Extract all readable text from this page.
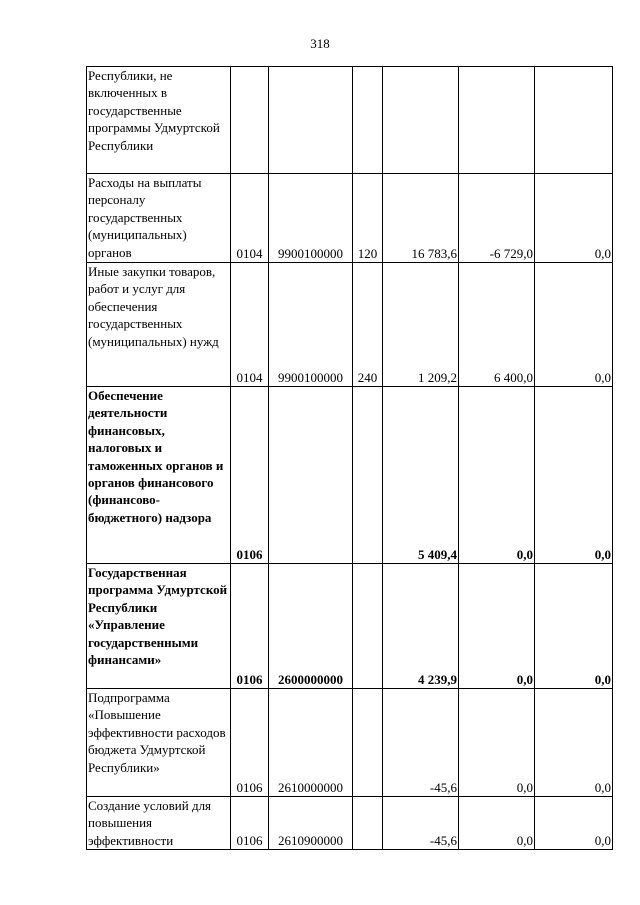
318
Республики, не включенных в государственные программы Удмуртской Республики						
Расходы на выплаты персоналу государственных (муниципальных) органов	0104	9900100000	120	16 783,6	-6 729,0	0,0
Иные закупки товаров, работ и услуг для обеспечения государственных (муниципальных) нужд	0104	9900100000	240	1 209,2	6 400,0	0,0
Обеспечение деятельности финансовых, налоговых и таможенных органов и органов финансового (финансово-бюджетного) надзора	0106			5 409,4	0,0	0,0
Государственная программа Удмуртской Республики «Управление государственными финансами»	0106	2600000000		4 239,9	0,0	0,0
Подпрограмма «Повышение эффективности расходов бюджета Удмуртской Республики»	0106	2610000000		-45,6	0,0	0,0
Создание условий для повышения эффективности	0106	2610900000		-45,6	0,0	0,0
